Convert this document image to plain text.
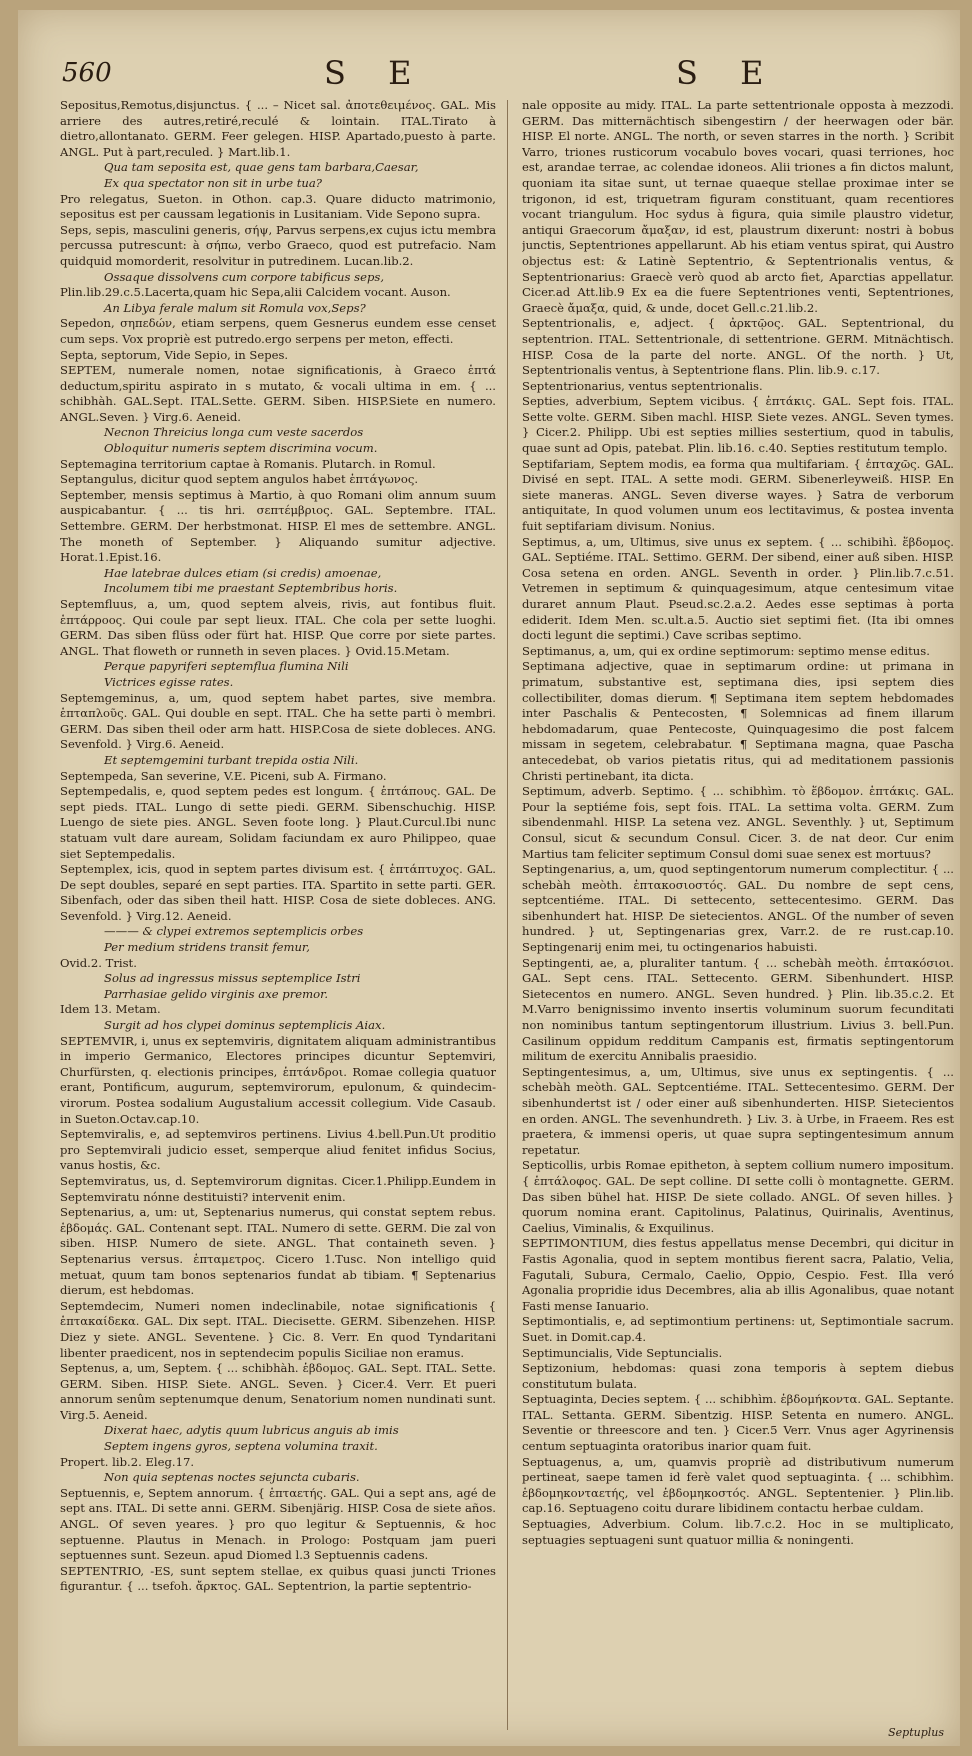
560	S E	S E

Sepositus,Remotus,disjunctus. { ... – Nicet sal. ἀποτεθειμένος. GAL. Mis arriere des autres,retiré,reculé & lointain. ITAL.Tirato à dietro,allontanato. GERM. Feer gelegen. HISP. Apartado,puesto à parte. ANGL. Put à part,reculed. } Mart.lib.1.

Qua tam seposita est, quae gens tam barbara,Caesar,

Ex qua spectator non sit in urbe tua?

Pro relegatus, Sueton. in Othon. cap.3. Quare diducto matrimonio, sepositus est per caussam legationis in Lusitaniam. Vide Sepono supra.

Seps, sepis, masculini generis, σήψ, Parvus serpens,ex cujus ictu membra percussa putrescunt: à σήπω, verbo Graeco, quod est putrefacio. Nam quidquid momorderit, resolvitur in putredinem. Lucan.lib.2.

Ossaque dissolvens cum corpore tabificus seps,

Plin.lib.29.c.5.Lacerta,quam hic Sepa,alii Calcidem vocant. Auson.

An Libya ferale malum sit Romula vox,Seps?

Sepedon, σηπεδών, etiam serpens, quem Gesnerus eundem esse censet cum seps. Vox propriè est putredo.ergo serpens per meton, effecti.

Septa, septorum, Vide Sepio, in Sepes.

SEPTEM, numerale nomen, notae significationis, à Graeco ἑπτά deductum,spiritu aspirato in s mutato, & vocali ultima in em. { ... schibhàh. GAL.Sept. ITAL.Sette. GERM. Siben. HISP.Siete en numero. ANGL.Seven. } Virg.6. Aeneid.

Necnon Threicius longa cum veste sacerdos

Obloquitur numeris septem discrimina vocum.

Septemagina territorium captae à Romanis. Plutarch. in Romul.

Septangulus, dicitur quod septem angulos habet ἑπτάγωνος.

September, mensis septimus à Martio, à quo Romani olim annum suum auspicabantur. { ... tis hri. σεπτέμβριος. GAL. Septembre. ITAL. Settembre. GERM. Der herbstmonat. HISP. El mes de settembre. ANGL. The moneth of September. } Aliquando sumitur adjective. Horat.1.Epist.16.

Hae latebrae dulces etiam (si credis) amoenae,

Incolumem tibi me praestant Septembribus horis.

Septemfluus, a, um, quod septem alveis, rivis, aut fontibus fluit. ἑπτάρροος. Qui coule par sept lieux. ITAL. Che cola per sette luoghi. GERM. Das siben flüss oder fürt hat. HISP. Que corre por siete partes. ANGL. That floweth or runneth in seven places. } Ovid.15.Metam.

Perque papyriferi septemflua flumina Nili

Victrices egisse rates.

Septemgeminus, a, um, quod septem habet partes, sive membra. ἑπταπλοῦς. GAL. Qui double en sept. ITAL. Che ha sette parti ò membri. GERM. Das siben theil oder arm hatt. HISP.Cosa de siete dobleces. ANG. Sevenfold. } Virg.6. Aeneid.

Et septemgemini turbant trepida ostia Nili.

Septempeda, San severine, V.E. Piceni, sub A. Firmano.

Septempedalis, e, quod septem pedes est longum. { ἑπτάπους. GAL. De sept pieds. ITAL. Lungo di sette piedi. GERM. Sibenschuchig. HISP. Luengo de siete pies. ANGL. Seven foote long. } Plaut.Curcul.Ibi nunc statuam vult dare auream, Solidam faciundam ex auro Philippeo, quae siet Septempedalis.

Septemplex, icis, quod in septem partes divisum est. { ἑπτάπτυχος. GAL. De sept doubles, separé en sept parties. ITA. Spartito in sette parti. GER. Sibenfach, oder das siben theil hatt. HISP. Cosa de siete dobleces. ANG. Sevenfold. } Virg.12. Aeneid.

——— & clypei extremos septemplicis orbes

Per medium stridens transit femur,

Ovid.2. Trist.

Solus ad ingressus missus septemplice Istri

Parrhasiae gelido virginis axe premor.

Idem 13. Metam.

Surgit ad hos clypei dominus septemplicis Aiax.

SEPTEMVIR, i, unus ex septemviris, dignitatem aliquam administrantibus in imperio Germanico, Electores principes dicuntur Septemviri, Churfürsten, q. electionis principes, ἑπτάνδροι. Romae collegia quatuor erant, Pontificum, augurum, septemvirorum, epulonum, & quindecim-virorum. Postea sodalium Augustalium accessit collegium. Vide Casaub. in Sueton.Octav.cap.10.

Septemviralis, e, ad septemviros pertinens. Livius 4.bell.Pun.Ut proditio pro Septemvirali judicio esset, semperque aliud fenitet infidus Socius, vanus hostis, &c.

Septemviratus, us, d. Septemvirorum dignitas. Cicer.1.Philipp.Eundem in Septemviratu nónne destituisti? intervenit enim.

Septenarius, a, um: ut, Septenarius numerus, qui constat septem rebus. ἑβδομάς. GAL. Contenant sept. ITAL. Numero di sette. GERM. Die zal von siben. HISP. Numero de siete. ANGL. That containeth seven. } Septenarius versus. ἑπταμετρος. Cicero 1.Tusc. Non intelligo quid metuat, quum tam bonos septenarios fundat ab tibiam. ¶ Septenarius dierum, est hebdomas.

Septemdecim, Numeri nomen indeclinabile, notae significationis { ἑπτακαίδεκα. GAL. Dix sept. ITAL. Diecisette. GERM. Sibenzehen. HISP. Diez y siete. ANGL. Seventene. } Cic. 8. Verr. En quod Tyndaritani libenter praedicent, nos in septendecim populis Siciliae non eramus.

Septenus, a, um, Septem. { ... schibhàh. ἑβδομος. GAL. Sept. ITAL. Sette. GERM. Siben. HISP. Siete. ANGL. Seven. } Cicer.4. Verr. Et pueri annorum senûm septenumque denum, Senatorium nomen nundinati sunt. Virg.5. Aeneid.

Dixerat haec, adytis quum lubricus anguis ab imis

Septem ingens gyros, septena volumina traxit.

Propert. lib.2. Eleg.17.

Non quia septenas noctes sejuncta cubaris.

Septuennis, e, Septem annorum. { ἑπταετής. GAL. Qui a sept ans, agé de sept ans. ITAL. Di sette anni. GERM. Sibenjärig. HISP. Cosa de siete años. ANGL. Of seven yeares. } pro quo legitur & Septuennis, & hoc septuenne. Plautus in Menach. in Prologo: Postquam jam pueri septuennes sunt. Sezeun. apud Diomed l.3 Septuennis cadens.

SEPTENTRIO, -ES, sunt septem stellae, ex quibus quasi juncti Triones figurantur. { ... tsefoh. ἄρκτος. GAL. Septentrion, la partie septentrio-

nale opposite au midy. ITAL. La parte settentrionale opposta à mezzodi. GERM. Das mitternächtisch sibengestirn / der heerwagen oder bär. HISP. El norte. ANGL. The north, or seven starres in the north. } Scribit Varro, triones rusticorum vocabulo boves vocari, quasi terriones, hoc est, arandae terrae, ac colendae idoneos. Alii triones a fin dictos malunt, quoniam ita sitae sunt, ut ternae quaeque stellae proximae inter se trigonon, id est, triquetram figuram constituant, quam recentiores vocant triangulum. Hoc sydus à figura, quia simile plaustro videtur, antiqui Graecorum ἄμαξαν, id est, plaustrum dixerunt: nostri à bobus junctis, Septentriones appellarunt. Ab his etiam ventus spirat, qui Austro objectus est: & Latinè Septentrio, & Septentrionalis ventus, & Septentrionarius: Graecè verò quod ab arcto fiet, Aparctias appellatur. Cicer.ad Att.lib.9 Ex ea die fuere Septentriones venti, Septentriones, Graecè ἄμαξα, quid, & unde, docet Gell.c.21.lib.2.

Septentrionalis, e, adject. { ἀρκτῷος. GAL. Septentrional, du septentrion. ITAL. Settentrionale, di settentrione. GERM. Mitnächtisch. HISP. Cosa de la parte del norte. ANGL. Of the north. } Ut, Septentrionalis ventus, à Septentrione flans. Plin. lib.9. c.17.

Septentrionarius, ventus septentrionalis.

Septies, adverbium, Septem vicibus. { ἑπτάκις. GAL. Sept fois. ITAL. Sette volte. GERM. Siben machl. HISP. Siete vezes. ANGL. Seven tymes. } Cicer.2. Philipp. Ubi est septies millies sestertium, quod in tabulis, quae sunt ad Opis, patebat. Plin. lib.16. c.40. Septies restitutum templo.

Septifariam, Septem modis, ea forma qua multifariam. { ἑπταχῶς. GAL. Divisé en sept. ITAL. A sette modi. GERM. Sibenerleyweiß. HISP. En siete maneras. ANGL. Seven diverse wayes. } Satra de verborum antiquitate, In quod volumen unum eos lectitavimus, & postea inventa fuit septifariam divisum. Nonius.

Septimus, a, um, Ultimus, sive unus ex septem. { ... schibihì. ἕβδομος. GAL. Septiéme. ITAL. Settimo. GERM. Der sibend, einer auß siben. HISP. Cosa setena en orden. ANGL. Seventh in order. } Plin.lib.7.c.51. Vetremen in septimum & quinquagesimum, atque centesimum vitae duraret annum Plaut. Pseud.sc.2.a.2. Aedes esse septimas à porta ediderit. Idem Men. sc.ult.a.5. Auctio siet septimi fiet. (Ita ibi omnes docti legunt die septimi.) Cave scribas septimo.

Septimanus, a, um, qui ex ordine septimorum: septimo mense editus.

Septimana adjective, quae in septimarum ordine: ut primana in primatum, substantive est, septimana dies, ipsi septem dies collectibiliter, domas dierum. ¶ Septimana item septem hebdomades inter Paschalis & Pentecosten, ¶ Solemnicas ad finem illarum hebdomadarum, quae Pentecoste, Quinquagesimo die post falcem missam in segetem, celebrabatur. ¶ Septimana magna, quae Pascha antecedebat, ob varios pietatis ritus, qui ad meditationem passionis Christi pertinebant, ita dicta.

Septimum, adverb. Septimo. { ... schibhìm. τὸ ἕβδομον. ἑπτάκις. GAL. Pour la septiéme fois, sept fois. ITAL. La settima volta. GERM. Zum sibendenmahl. HISP. La setena vez. ANGL. Seventhly. } ut, Septimum Consul, sicut & secundum Consul. Cicer. 3. de nat deor. Cur enim Martius tam feliciter septimum Consul domi suae senex est mortuus?

Septingenarius, a, um, quod septingentorum numerum complectitur. { ... schebàh meòth. ἑπτακοσιοστός. GAL. Du nombre de sept cens, septcentiéme. ITAL. Di settecento, settecentesimo. GERM. Das sibenhundert hat. HISP. De sietecientos. ANGL. Of the number of seven hundred. } ut, Septingenarias grex, Varr.2. de re rust.cap.10. Septingenarij enim mei, tu octingenarios habuisti.

Septingenti, ae, a, pluraliter tantum. { ... schebàh meòth. ἑπτακόσιοι. GAL. Sept cens. ITAL. Settecento. GERM. Sibenhundert. HISP. Sietecentos en numero. ANGL. Seven hundred. } Plin. lib.35.c.2. Et M.Varro benignissimo invento insertis voluminum suorum fecunditati non nominibus tantum septingentorum illustrium. Livius 3. bell.Pun. Casilinum oppidum redditum Campanis est, firmatis septingentorum militum de exercitu Annibalis praesidio.

Septingentesimus, a, um, Ultimus, sive unus ex septingentis. { ... schebàh meòth. GAL. Septcentiéme. ITAL. Settecentesimo. GERM. Der sibenhundertst ist / oder einer auß sibenhunderten. HISP. Sietecientos en orden. ANGL. The sevenhundreth. } Liv. 3. à Urbe, in Fraeem. Res est praetera, & immensi operis, ut quae supra septingentesimum annum repetatur.

Septicollis, urbis Romae epitheton, à septem collium numero impositum. { ἑπτάλοφος. GAL. De sept colline. DI sette colli ò montagnette. GERM. Das siben bühel hat. HISP. De siete collado. ANGL. Of seven hilles. } quorum nomina erant. Capitolinus, Palatinus, Quirinalis, Aventinus, Caelius, Viminalis, & Exquilinus.

SEPTIMONTIUM, dies festus appellatus mense Decembri, qui dicitur in Fastis Agonalia, quod in septem montibus fierent sacra, Palatio, Velia, Fagutali, Subura, Cermalo, Caelio, Oppio, Cespio. Fest. Illa veró Agonalia propridie idus Decembres, alia ab illis Agonalibus, quae notant Fasti mense Ianuario.

Septimontialis, e, ad septimontium pertinens: ut, Septimontiale sacrum. Suet. in Domit.cap.4.

Septimuncialis, Vide Septuncialis.

Septizonium, hebdomas: quasi zona temporis à septem diebus constitutum bulata.

Septuaginta, Decies septem. { ... schibhìm. ἑβδομήκοντα. GAL. Septante. ITAL. Settanta. GERM. Sibentzig. HISP. Setenta en numero. ANGL. Seventie or threescore and ten. } Cicer.5 Verr. Vnus ager Agyrinensis centum septuaginta oratoribus inarior quam fuit.

Septuagenus, a, um, quamvis propriè ad distributivum numerum pertineat, saepe tamen id ferè valet quod septuaginta. { ... schibhìm. ἑβδομηκονταετής, vel ἑβδομηκοστός. ANGL. Septentenier. } Plin.lib. cap.16. Septuageno coitu durare libidinem contactu herbae culdam.

Septuagies, Adverbium. Colum. lib.7.c.2. Hoc in se multiplicato, septuagies septuageni sunt quatuor millia & noningenti.

Septuplus
